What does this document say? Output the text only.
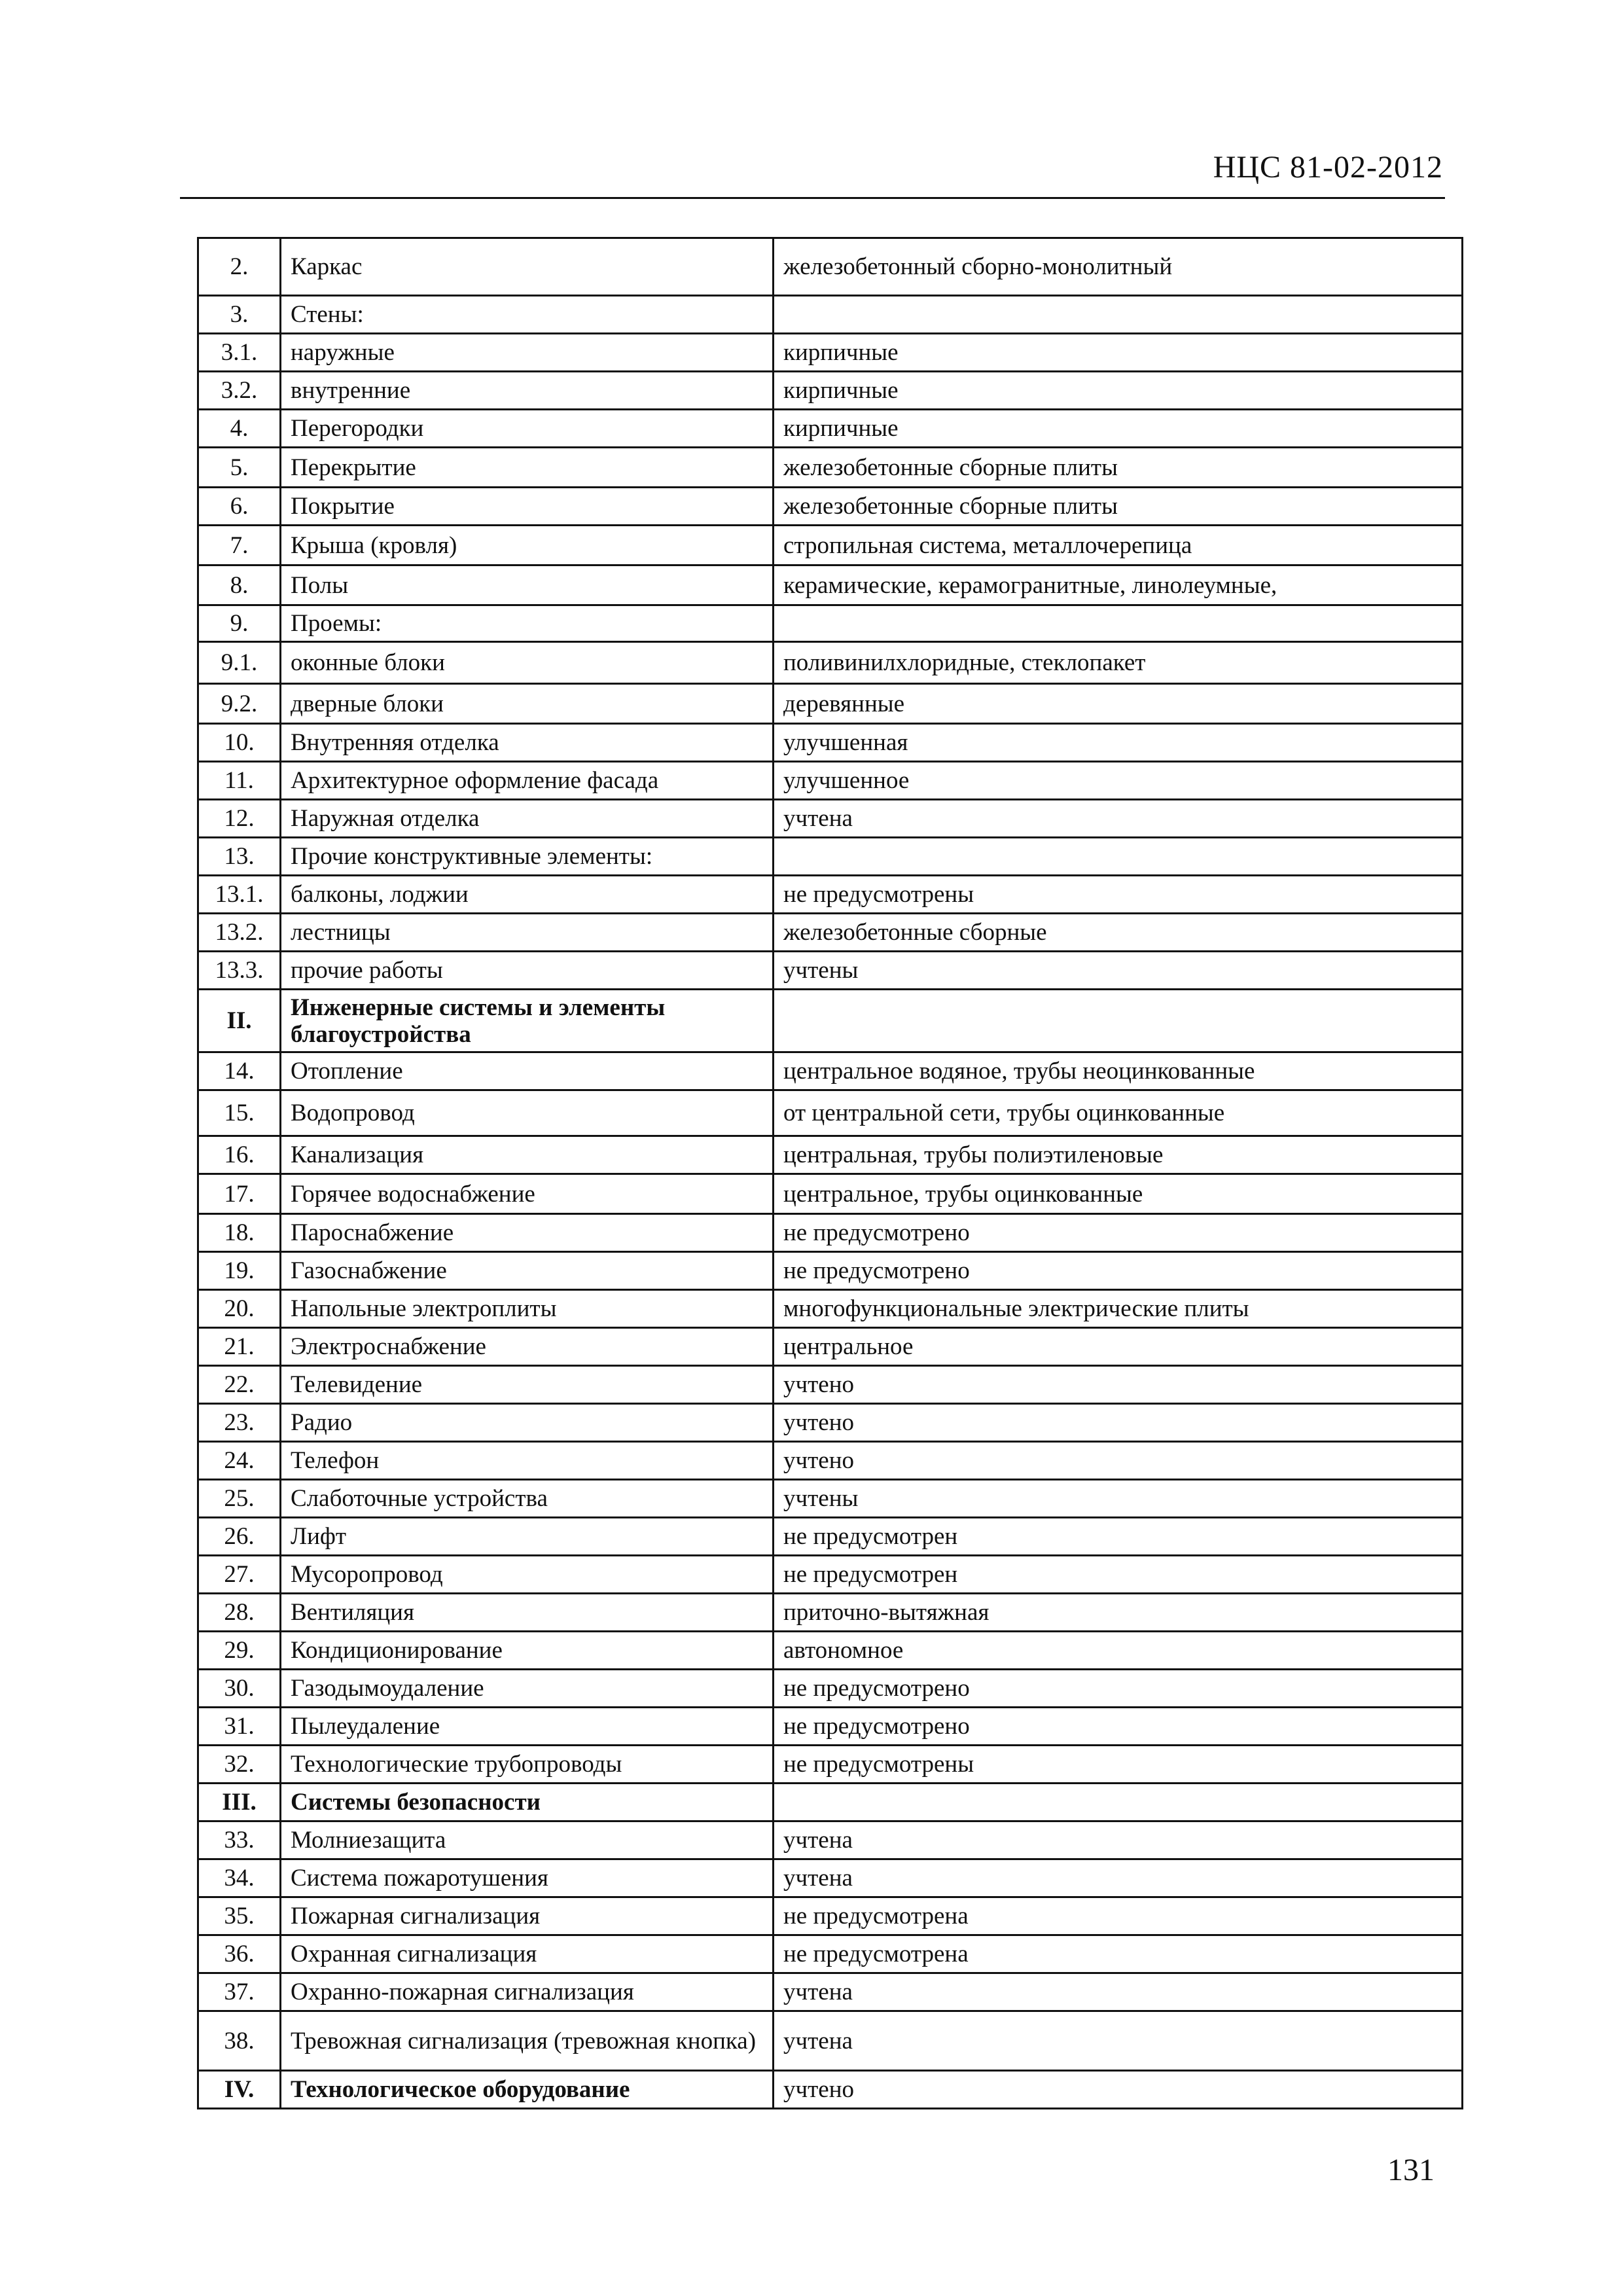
НЦС 81-02-2012
2.	Каркас	железобетонный сборно-монолитный
3.	Стены:	
3.1.	наружные	кирпичные
3.2.	внутренние	кирпичные
4.	Перегородки	кирпичные
5.	Перекрытие	железобетонные сборные плиты
6.	Покрытие	железобетонные сборные плиты
7.	Крыша (кровля)	стропильная система, металлочерепица
8.	Полы	керамические, керамогранитные, линолеумные,
9.	Проемы:	
9.1.	оконные блоки	поливинилхлоридные, стеклопакет
9.2.	дверные блоки	деревянные
10.	Внутренняя отделка	улучшенная
11.	Архитектурное оформление фасада	улучшенное
12.	Наружная отделка	учтена
13.	Прочие конструктивные элементы:	
13.1.	балконы, лоджии	не предусмотрены
13.2.	лестницы	железобетонные сборные
13.3.	прочие работы	учтены
II.	Инженерные системы и элементы благоустройства	
14.	Отопление	центральное водяное, трубы неоцинкованные
15.	Водопровод	от центральной сети, трубы оцинкованные
16.	Канализация	центральная, трубы полиэтиленовые
17.	Горячее водоснабжение	центральное, трубы оцинкованные
18.	Пароснабжение	не предусмотрено
19.	Газоснабжение	не предусмотрено
20.	Напольные электроплиты	многофункциональные электрические плиты
21.	Электроснабжение	центральное
22.	Телевидение	учтено
23.	Радио	учтено
24.	Телефон	учтено
25.	Слаботочные устройства	учтены
26.	Лифт	не предусмотрен
27.	Мусоропровод	не предусмотрен
28.	Вентиляция	приточно-вытяжная
29.	Кондиционирование	автономное
30.	Газодымоудаление	не предусмотрено
31.	Пылеудаление	не предусмотрено
32.	Технологические трубопроводы	не предусмотрены
III.	Системы безопасности	
33.	Молниезащита	учтена
34.	Система пожаротушения	учтена
35.	Пожарная сигнализация	не предусмотрена
36.	Охранная сигнализация	не предусмотрена
37.	Охранно-пожарная сигнализация	учтена
38.	Тревожная сигнализация (тревожная кнопка)	учтена
IV.	Технологическое оборудование	учтено
131
